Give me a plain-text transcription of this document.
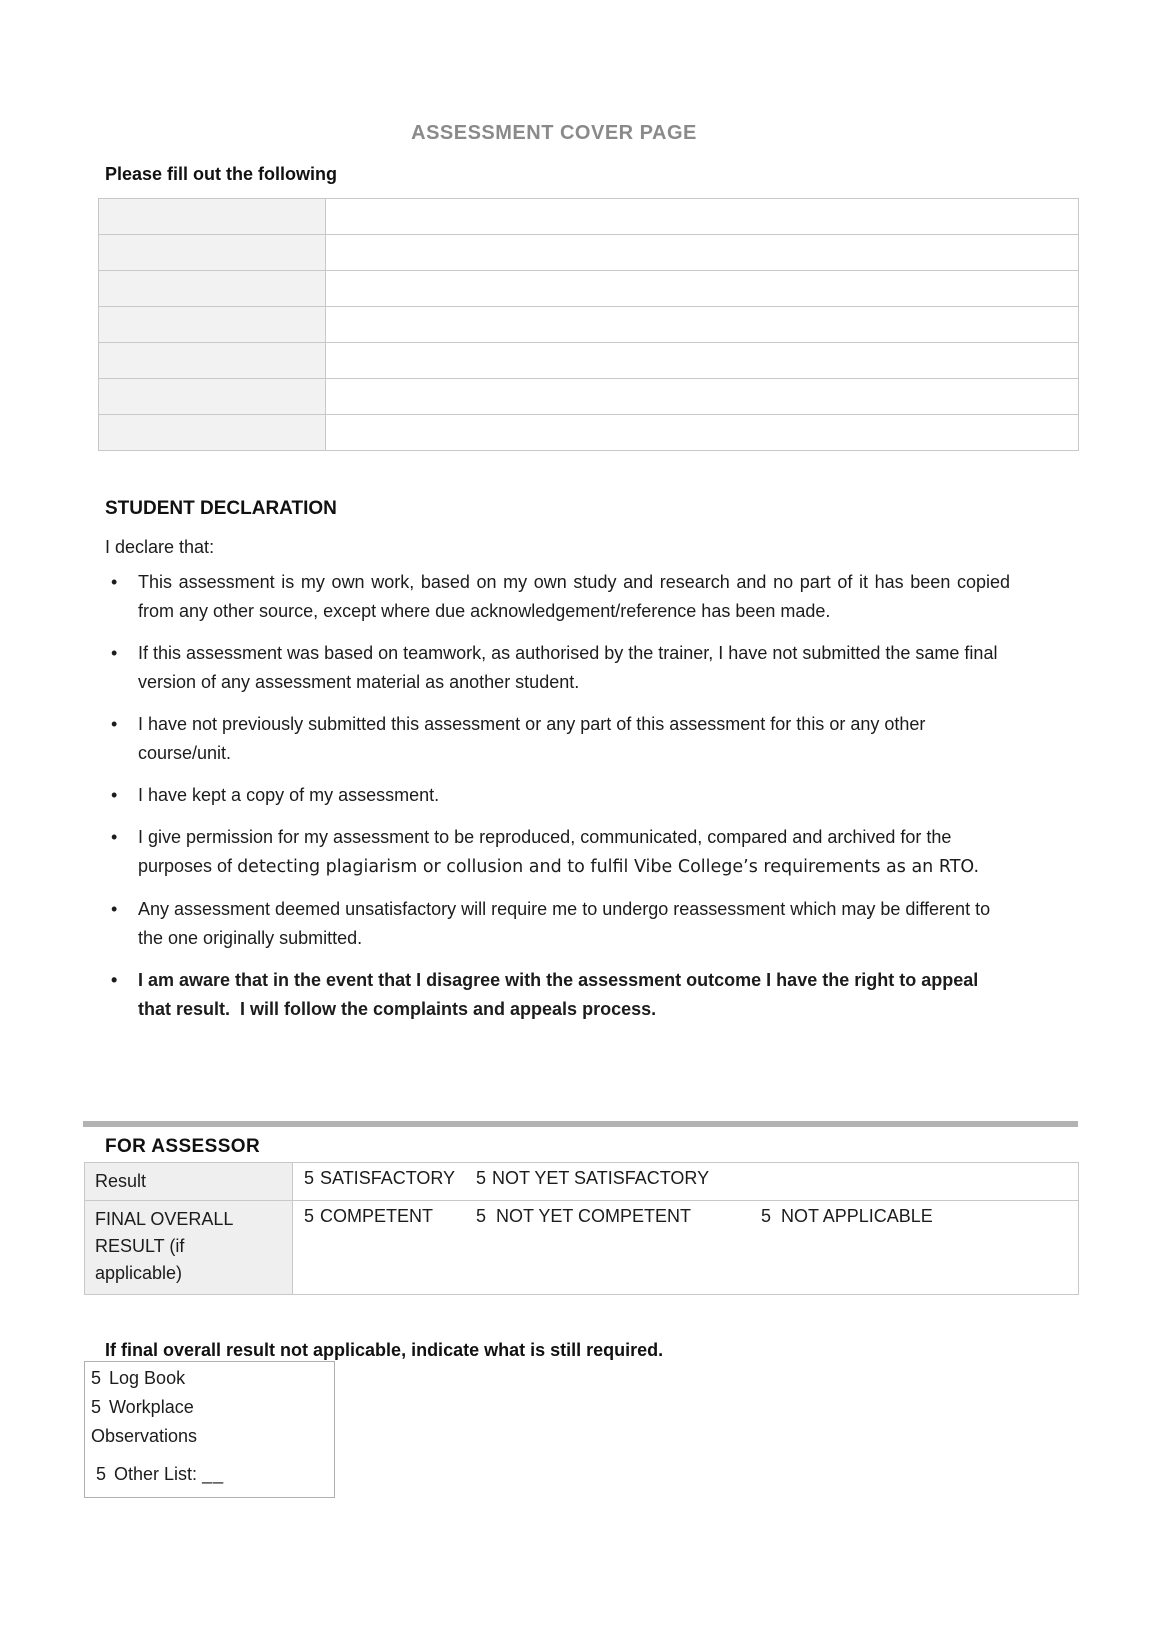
ASSESSMENT COVER PAGE
Please fill out the following

STUDENT DECLARATION
I declare that:
• This assessment is my own work, based on my own study and research and no part of it has been copied from any other source, except where due acknowledgement/reference has been made.
• If this assessment was based on teamwork, as authorised by the trainer, I have not submitted the same final version of any assessment material as another student.
• I have not previously submitted this assessment or any part of this assessment for this or any other course/unit.
• I have kept a copy of my assessment.
• I give permission for my assessment to be reproduced, communicated, compared and archived for the purposes of detecting plagiarism or collusion and to fulfil Vibe College’s requirements as an RTO.
• Any assessment deemed unsatisfactory will require me to undergo reassessment which may be different to the one originally submitted.
• I am aware that in the event that I disagree with the assessment outcome I have the right to appeal that result.  I will follow the complaints and appeals process.
FOR ASSESSOR
Result	5 SATISFACTORY 5 NOT YET SATISFACTORY

FINAL OVERALL RESULT (if applicable)	5 COMPETENT 5 NOT YET COMPETENT 5 NOT APPLICABLE
If final overall result not applicable, indicate what is still required.
5 Log Book
5 Workplace Observations
5 Other List: __
